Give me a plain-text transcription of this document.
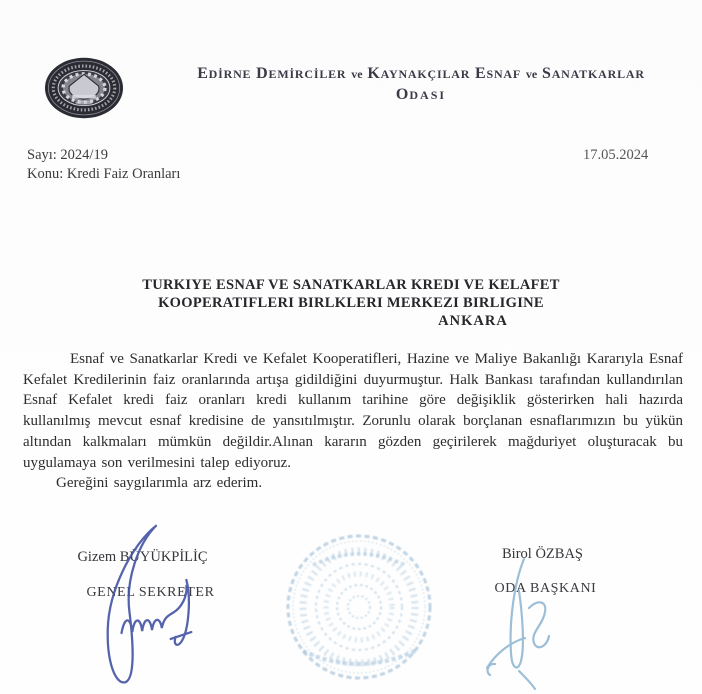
EDİRNE DEMİRCİLER ve KAYNAKÇILAR ESNAF ve SANATKARLAR
ODASI
Sayı: 2024/19
Konu: Kredi Faiz Oranları
17.05.2024
TURKIYE ESNAF VE SANATKARLAR KREDI VE KELAFET
KOOPERATIFLERI BIRLKLERI MERKEZI BIRLIGINE
ANKARA

Esnaf ve Sanatkarlar Kredi ve Kefalet Kooperatifleri, Hazine ve Maliye Bakanlığı Kararıyla Esnaf Kefalet Kredilerinin faiz oranlarında artışa gidildiğini duyurmuştur. Halk Bankası tarafından kullandırılan Esnaf Kefalet kredi faiz oranları kredi kullanım tarihine göre değişiklik gösterirken hali hazırda kullanılmış mevcut esnaf kredisine de yansıtılmıştır. Zorunlu olarak borçlanan esnaflarımızın bu yükün altından kalkmaları mümkün değildir.Alınan kararın gözden geçirilerek mağduriyet oluşturacak bu uygulamaya son verilmesini talep ediyoruz.

Gereğini saygılarımla arz ederim.

Gizem BÜYÜKPİLİÇ
GENEL SEKRETER
Birol ÖZBAŞ
ODA BAŞKANI
